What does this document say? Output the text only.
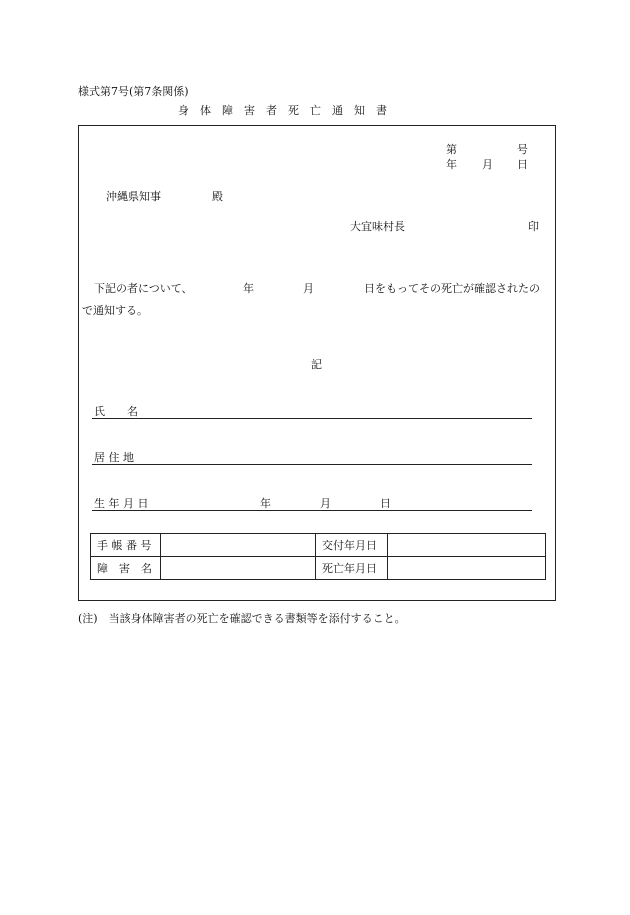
様式第7号(第7条関係)
身　体　障　害　者　死　亡　通　知　書
第	号
年 月 日
沖縄県知事	殿
大宜味村長	印
下記の者について、	年	月	日をもってその死亡が確認されたの
で通知する。
記
氏　　名
居 住 地
生 年 月 日	年	月	日
手 帳 番 号		交付年月日	
障　害　名		死亡年月日	
(注)　当該身体障害者の死亡を確認できる書類等を添付すること。
